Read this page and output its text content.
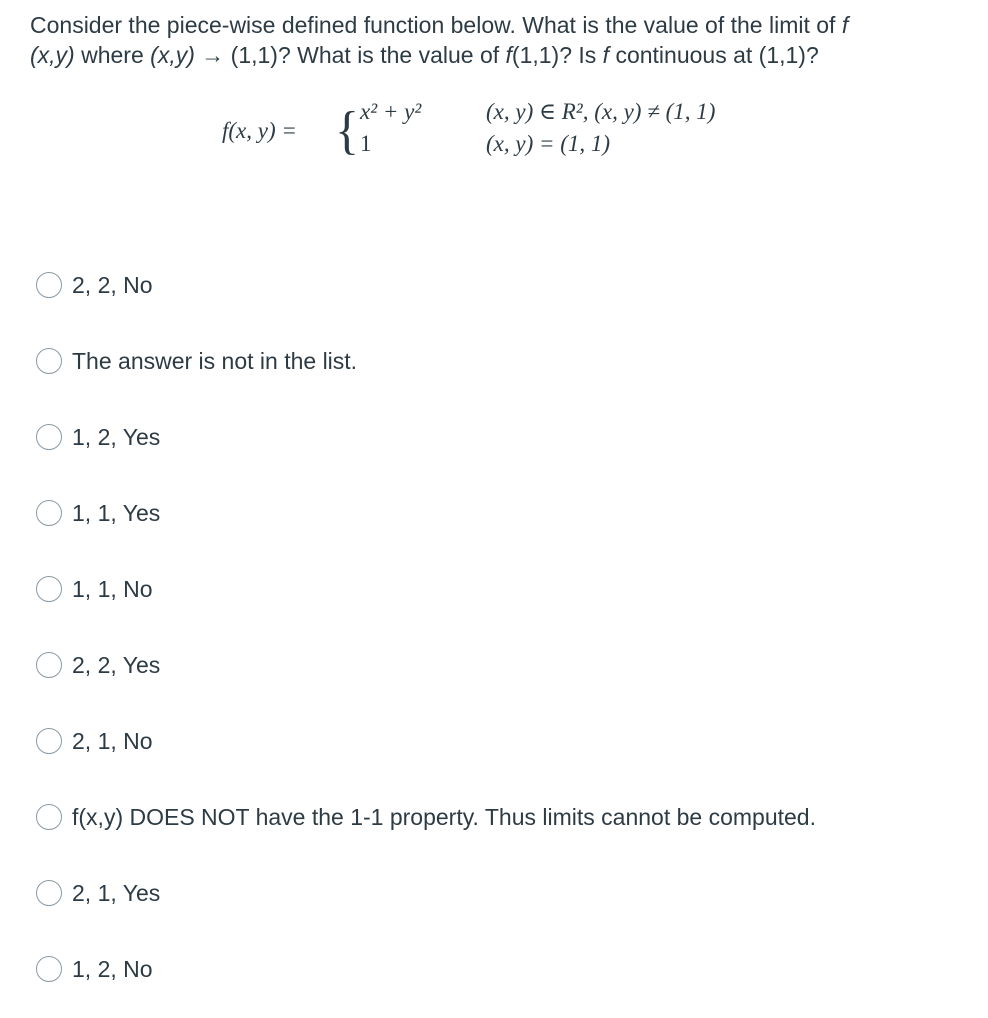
Consider the piece-wise defined function below. What is the value of the limit of f
(x,y) where (x,y) → (1,1)? What is the value of f(1,1)? Is f continuous at (1,1)?
f(x, y) = { x² + y²
1
(x, y) ∈ R², (x, y) ≠ (1, 1)
(x, y) = (1, 1)
2, 2, No
The answer is not in the list.
1, 2, Yes
1, 1, Yes
1, 1, No
2, 2, Yes
2, 1, No
f(x,y) DOES NOT have the 1-1 property. Thus limits cannot be computed.
2, 1, Yes
1, 2, No
